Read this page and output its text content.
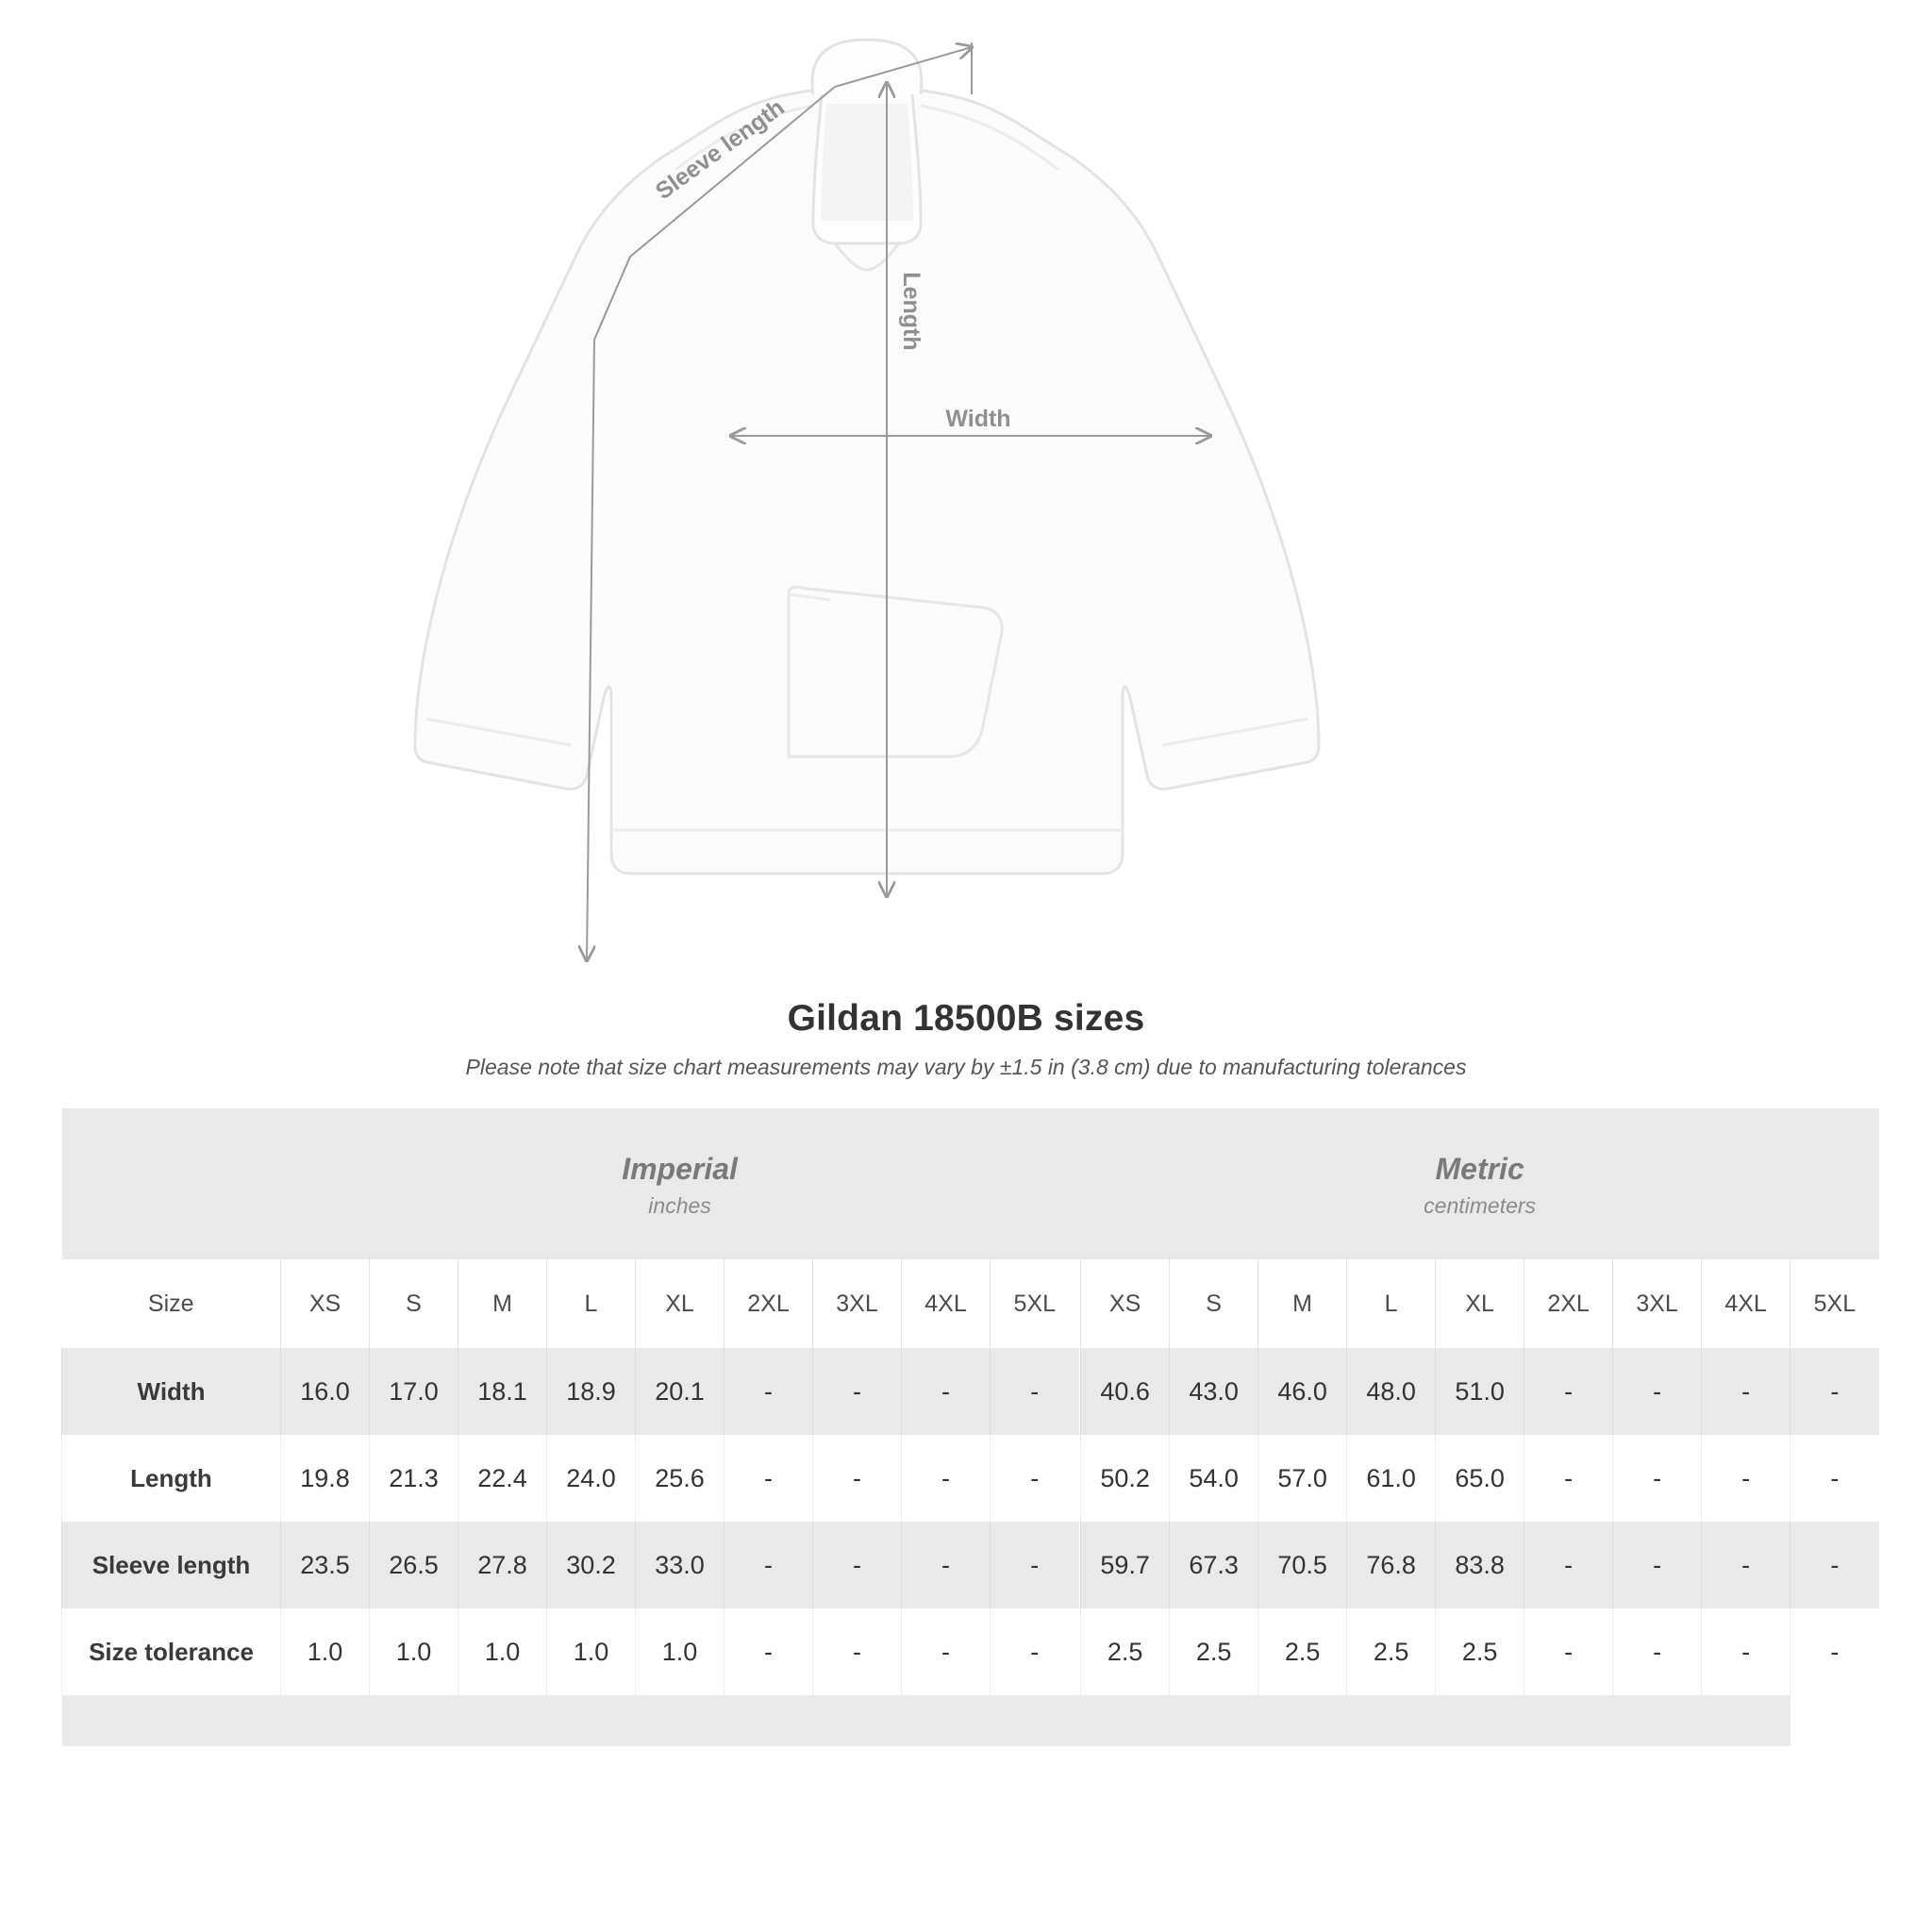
Width
Length
Sleeve length
Gildan 18500B sizes
Please note that size chart measurements may vary by ±1.5 in (3.8 cm) due to manufacturing tolerances

Imperial
inches

Metric
centimeters

Size	XS	S	M	L	XL	2XL	3XL	4XL	5XL		XS	S	M	L	XL	2XL	3XL	4XL	5XL
Width	16.0	17.0	18.1	18.9	20.1	-	-	-	-		40.6	43.0	46.0	48.0	51.0	-	-	-	-
Length	19.8	21.3	22.4	24.0	25.6	-	-	-	-		50.2	54.0	57.0	61.0	65.0	-	-	-	-
Sleeve length	23.5	26.5	27.8	30.2	33.0	-	-	-	-		59.7	67.3	70.5	76.8	83.8	-	-	-	-
Size tolerance	1.0	1.0	1.0	1.0	1.0	-	-	-	-		2.5	2.5	2.5	2.5	2.5	-	-	-	-
